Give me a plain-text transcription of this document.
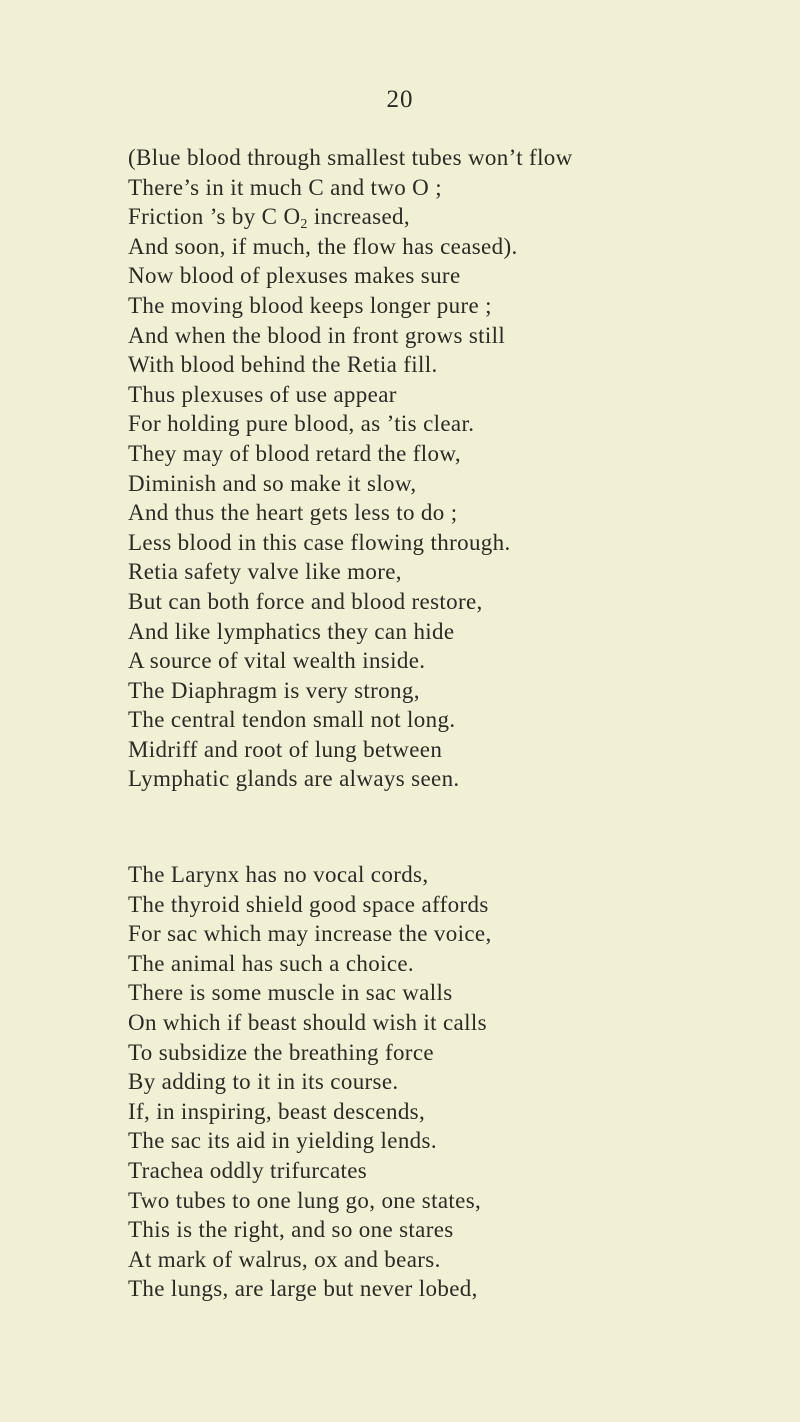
20
(Blue blood through smallest tubes won’t flow
There’s in it much C and two O ;
Friction ’s by C $O_2$ increased,
And soon, if much, the flow has ceased).
Now blood of plexuses makes sure
The moving blood keeps longer pure ;
And when the blood in front grows still
With blood behind the Retia fill.
Thus plexuses of use appear
For holding pure blood, as ’tis clear.
They may of blood retard the flow,
Diminish and so make it slow,
And thus the heart gets less to do ;
Less blood in this case flowing through.
Retia safety valve like more,
But can both force and blood restore,
And like lymphatics they can hide
A source of vital wealth inside.
The Diaphragm is very strong,
The central tendon small not long.
Midriff and root of lung between
Lymphatic glands are always seen.
The Larynx has no vocal cords,
The thyroid shield good space affords
For sac which may increase the voice,
The animal has such a choice.
There is some muscle in sac walls
On which if beast should wish it calls
To subsidize the breathing force
By adding to it in its course.
If, in inspiring, beast descends,
The sac its aid in yielding lends.
Trachea oddly trifurcates
Two tubes to one lung go, one states,
This is the right, and so one stares
At mark of walrus, ox and bears.
The lungs, are large but never lobed,
